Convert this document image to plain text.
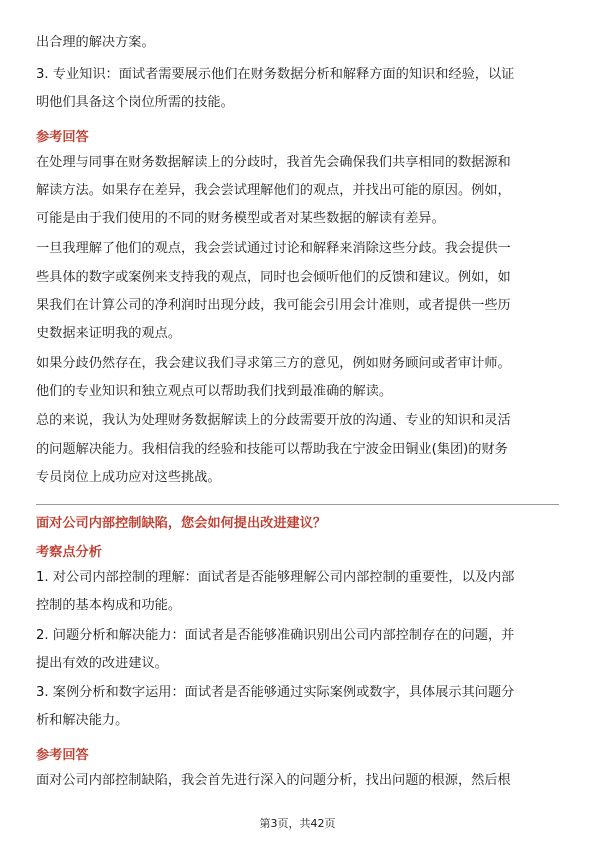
出合理的解决方案。

3. 专业知识：面试者需要展示他们在财务数据分析和解释方面的知识和经验，以证

明他们具备这个岗位所需的技能。

参考回答

在处理与同事在财务数据解读上的分歧时，我首先会确保我们共享相同的数据源和

解读方法。如果存在差异，我会尝试理解他们的观点，并找出可能的原因。例如，

可能是由于我们使用的不同的财务模型或者对某些数据的解读有差异。

一旦我理解了他们的观点，我会尝试通过讨论和解释来消除这些分歧。我会提供一

些具体的数字或案例来支持我的观点，同时也会倾听他们的反馈和建议。例如，如

果我们在计算公司的净利润时出现分歧，我可能会引用会计准则，或者提供一些历

史数据来证明我的观点。

如果分歧仍然存在，我会建议我们寻求第三方的意见，例如财务顾问或者审计师。

他们的专业知识和独立观点可以帮助我们找到最准确的解读。

总的来说，我认为处理财务数据解读上的分歧需要开放的沟通、专业的知识和灵活

的问题解决能力。我相信我的经验和技能可以帮助我在宁波金田铜业(集团)的财务

专员岗位上成功应对这些挑战。

面对公司内部控制缺陷，您会如何提出改进建议？

考察点分析

1. 对公司内部控制的理解：面试者是否能够理解公司内部控制的重要性，以及内部

控制的基本构成和功能。

2. 问题分析和解决能力：面试者是否能够准确识别出公司内部控制存在的问题，并

提出有效的改进建议。

3. 案例分析和数字运用：面试者是否能够通过实际案例或数字，具体展示其问题分

析和解决能力。

参考回答

面对公司内部控制缺陷，我会首先进行深入的问题分析，找出问题的根源，然后根

第3页，共42页
